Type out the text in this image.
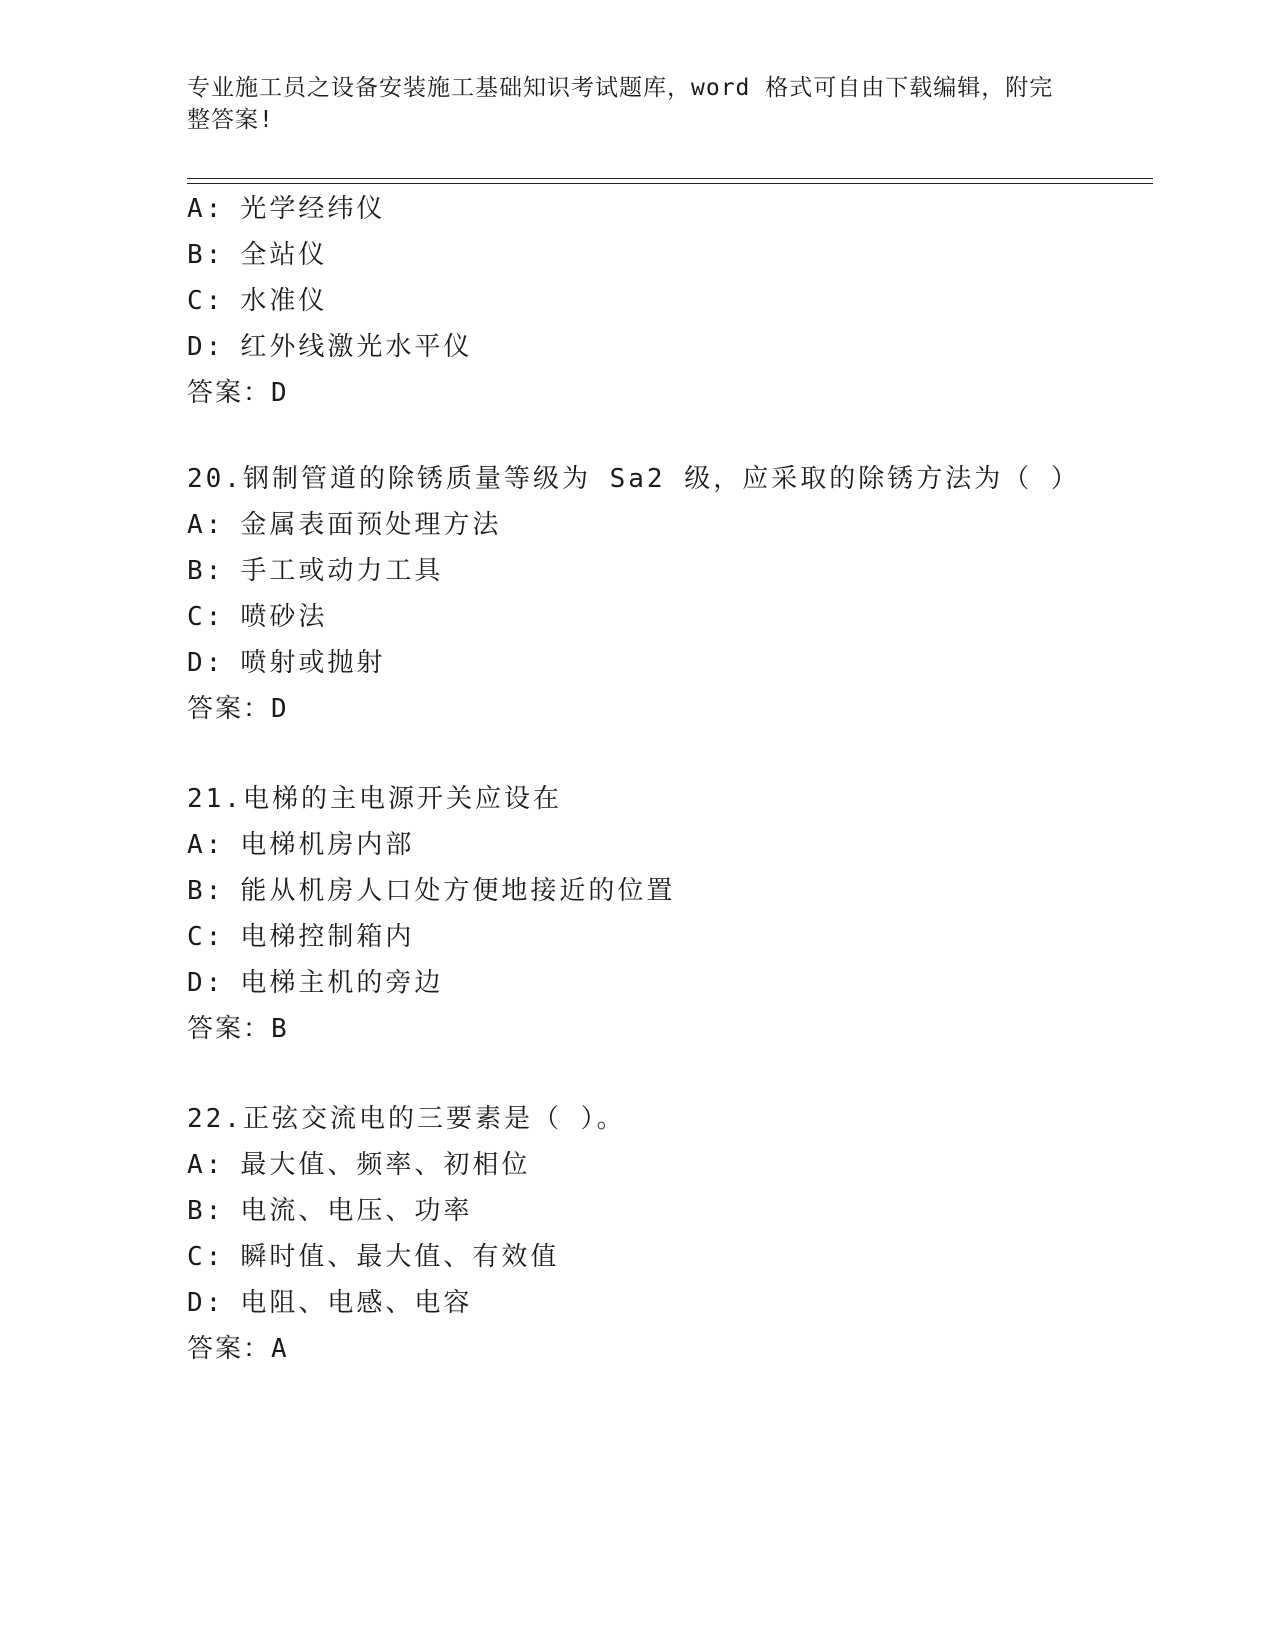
专业施工员之设备安装施工基础知识考试题库，word 格式可自由下载编辑，附完
整答案!
A: 光学经纬仪
B: 全站仪
C: 水准仪
D: 红外线激光水平仪
答案：D
20.钢制管道的除锈质量等级为 Sa2 级，应采取的除锈方法为（ ）
A: 金属表面预处理方法
B: 手工或动力工具
C: 喷砂法
D: 喷射或抛射
答案：D
21.电梯的主电源开关应设在
A: 电梯机房内部
B: 能从机房人口处方便地接近的位置
C: 电梯控制箱内
D: 电梯主机的旁边
答案：B
22.正弦交流电的三要素是（ ）。
A: 最大值、频率、初相位
B: 电流、电压、功率
C: 瞬时值、最大值、有效值
D: 电阻、电感、电容
答案：A
